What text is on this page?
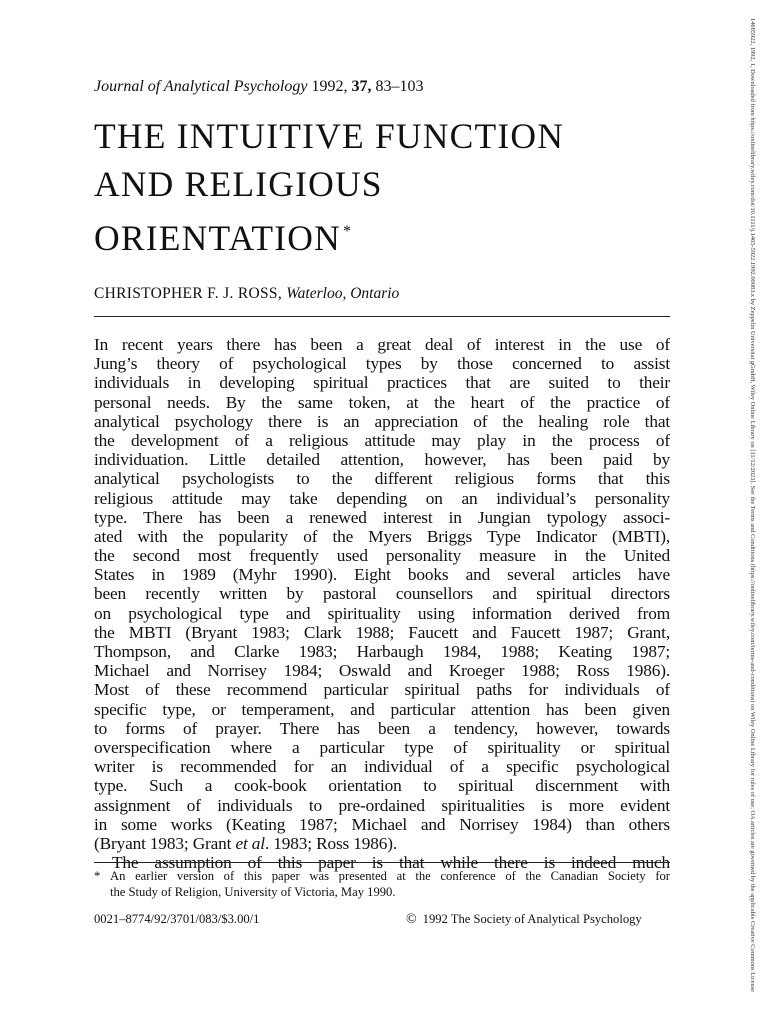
Journal of Analytical Psychology 1992, 37, 83–103
THE INTUITIVE FUNCTION
AND RELIGIOUS
ORIENTATION *
CHRISTOPHER F. J. ROSS, Waterloo, Ontario
In recent years there has been a great deal of interest in the use of
Jung’s theory of psychological types by those concerned to assist
individuals in developing spiritual practices that are suited to their
personal needs. By the same token, at the heart of the practice of
analytical psychology there is an appreciation of the healing role that
the development of a religious attitude may play in the process of
individuation. Little detailed attention, however, has been paid by
analytical psychologists to the different religious forms that this
religious attitude may take depending on an individual’s personality
type. There has been a renewed interest in Jungian typology associ-
ated with the popularity of the Myers Briggs Type Indicator (MBTI),
the second most frequently used personality measure in the United
States in 1989 (Myhr 1990). Eight books and several articles have
been recently written by pastoral counsellors and spiritual directors
on psychological type and spirituality using information derived from
the MBTI (Bryant 1983; Clark 1988; Faucett and Faucett 1987; Grant,
Thompson, and Clarke 1983; Harbaugh 1984, 1988; Keating 1987;
Michael and Norrisey 1984; Oswald and Kroeger 1988; Ross 1986).
Most of these recommend particular spiritual paths for individuals of
specific type, or temperament, and particular attention has been given
to forms of prayer. There has been a tendency, however, towards
overspecification where a particular type of spirituality or spiritual
writer is recommended for an individual of a specific psychological
type. Such a cook-book orientation to spiritual discernment with
assignment of individuals to pre-ordained spiritualities is more evident
in some works (Keating 1987; Michael and Norrisey 1984) than others
(Bryant 1983; Grant et al. 1983; Ross 1986).
The assumption of this paper is that while there is indeed much
* An earlier version of this paper was presented at the conference of the Canadian Society for
the Study of Religion, University of Victoria, May 1990.
0021–8774/92/3701/083/$3.00/1	© 1992 The Society of Analytical Psychology	14685922, 1992, 1, Downloaded from https://onlinelibrary.wiley.com/doi/10.1111/j.1465-5922.1992.00083.x by Zeppelin Universitat gGmbH, Wiley Online Library on [11/12/2023]. See the Terms and Conditions (https://onlinelibrary.wiley.com/terms-and-conditions) on Wiley Online Library for rules of use; OA articles are governed by the applicable Creative Commons License
